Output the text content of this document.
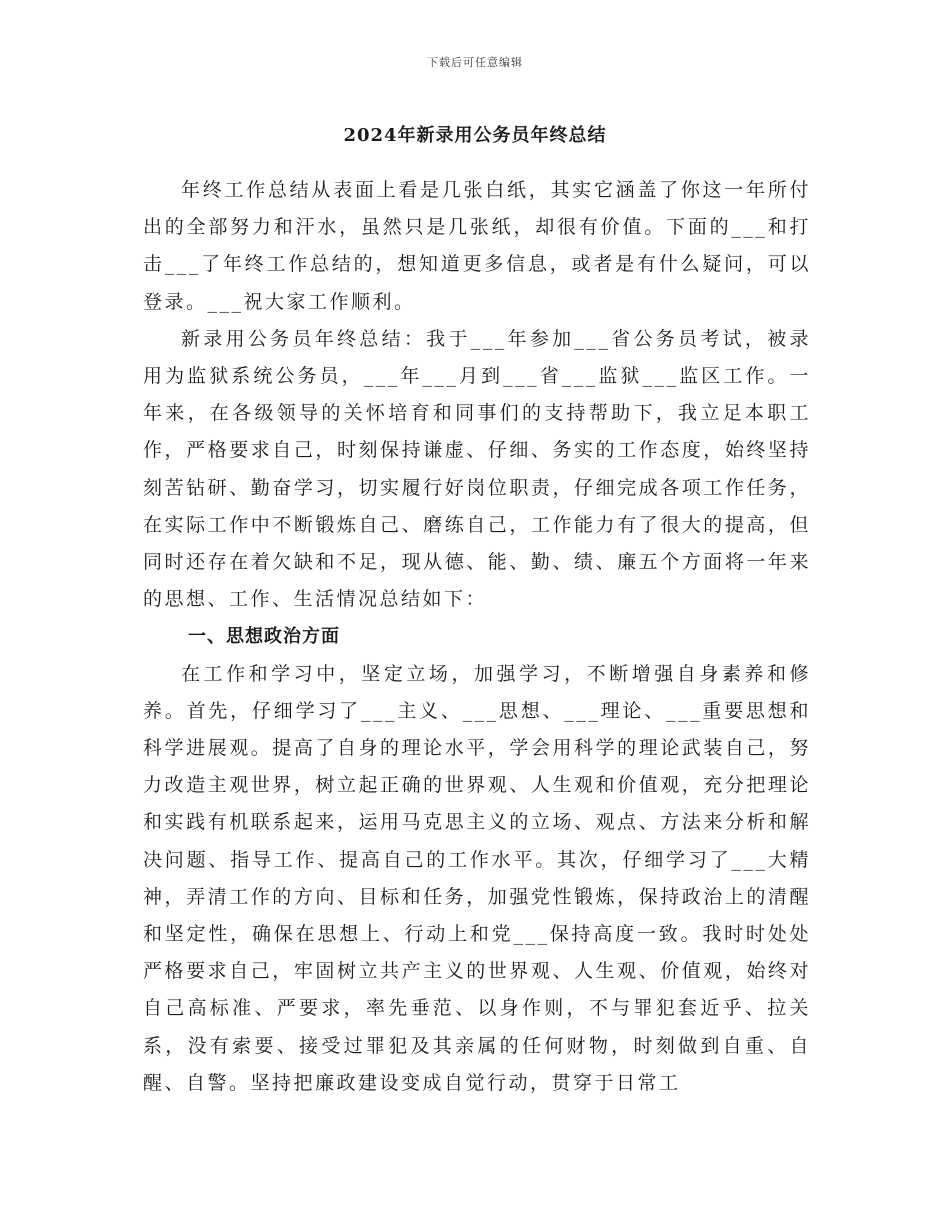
下载后可任意编辑
2024年新录用公务员年终总结

年终工作总结从表面上看是几张白纸，其实它涵盖了你这一年所付出的全部努力和汗水，虽然只是几张纸，却很有价值。下面的___和打击___了年终工作总结的，想知道更多信息，或者是有什么疑问，可以登录。___祝大家工作顺利。

新录用公务员年终总结：我于___年参加___省公务员考试，被录用为监狱系统公务员，___年___月到___省___监狱___监区工作。一年来，在各级领导的关怀培育和同事们的支持帮助下，我立足本职工作，严格要求自己，时刻保持谦虚、仔细、务实的工作态度，始终坚持刻苦钻研、勤奋学习，切实履行好岗位职责，仔细完成各项工作任务，在实际工作中不断锻炼自己、磨练自己，工作能力有了很大的提高，但同时还存在着欠缺和不足，现从德、能、勤、绩、廉五个方面将一年来的思想、工作、生活情况总结如下：

一、思想政治方面

在工作和学习中，坚定立场，加强学习，不断增强自身素养和修养。首先，仔细学习了___主义、___思想、___理论、___重要思想和科学进展观。提高了自身的理论水平，学会用科学的理论武装自己，努力改造主观世界，树立起正确的世界观、人生观和价值观，充分把理论和实践有机联系起来，运用马克思主义的立场、观点、方法来分析和解决问题、指导工作、提高自己的工作水平。其次，仔细学习了___大精神，弄清工作的方向、目标和任务，加强党性锻炼，保持政治上的清醒和坚定性，确保在思想上、行动上和党___保持高度一致。我时时处处严格要求自己，牢固树立共产主义的世界观、人生观、价值观，始终对自己高标准、严要求，率先垂范、以身作则，不与罪犯套近乎、拉关系，没有索要、接受过罪犯及其亲属的任何财物，时刻做到自重、自醒、自警。坚持把廉政建设变成自觉行动，贯穿于日常工
